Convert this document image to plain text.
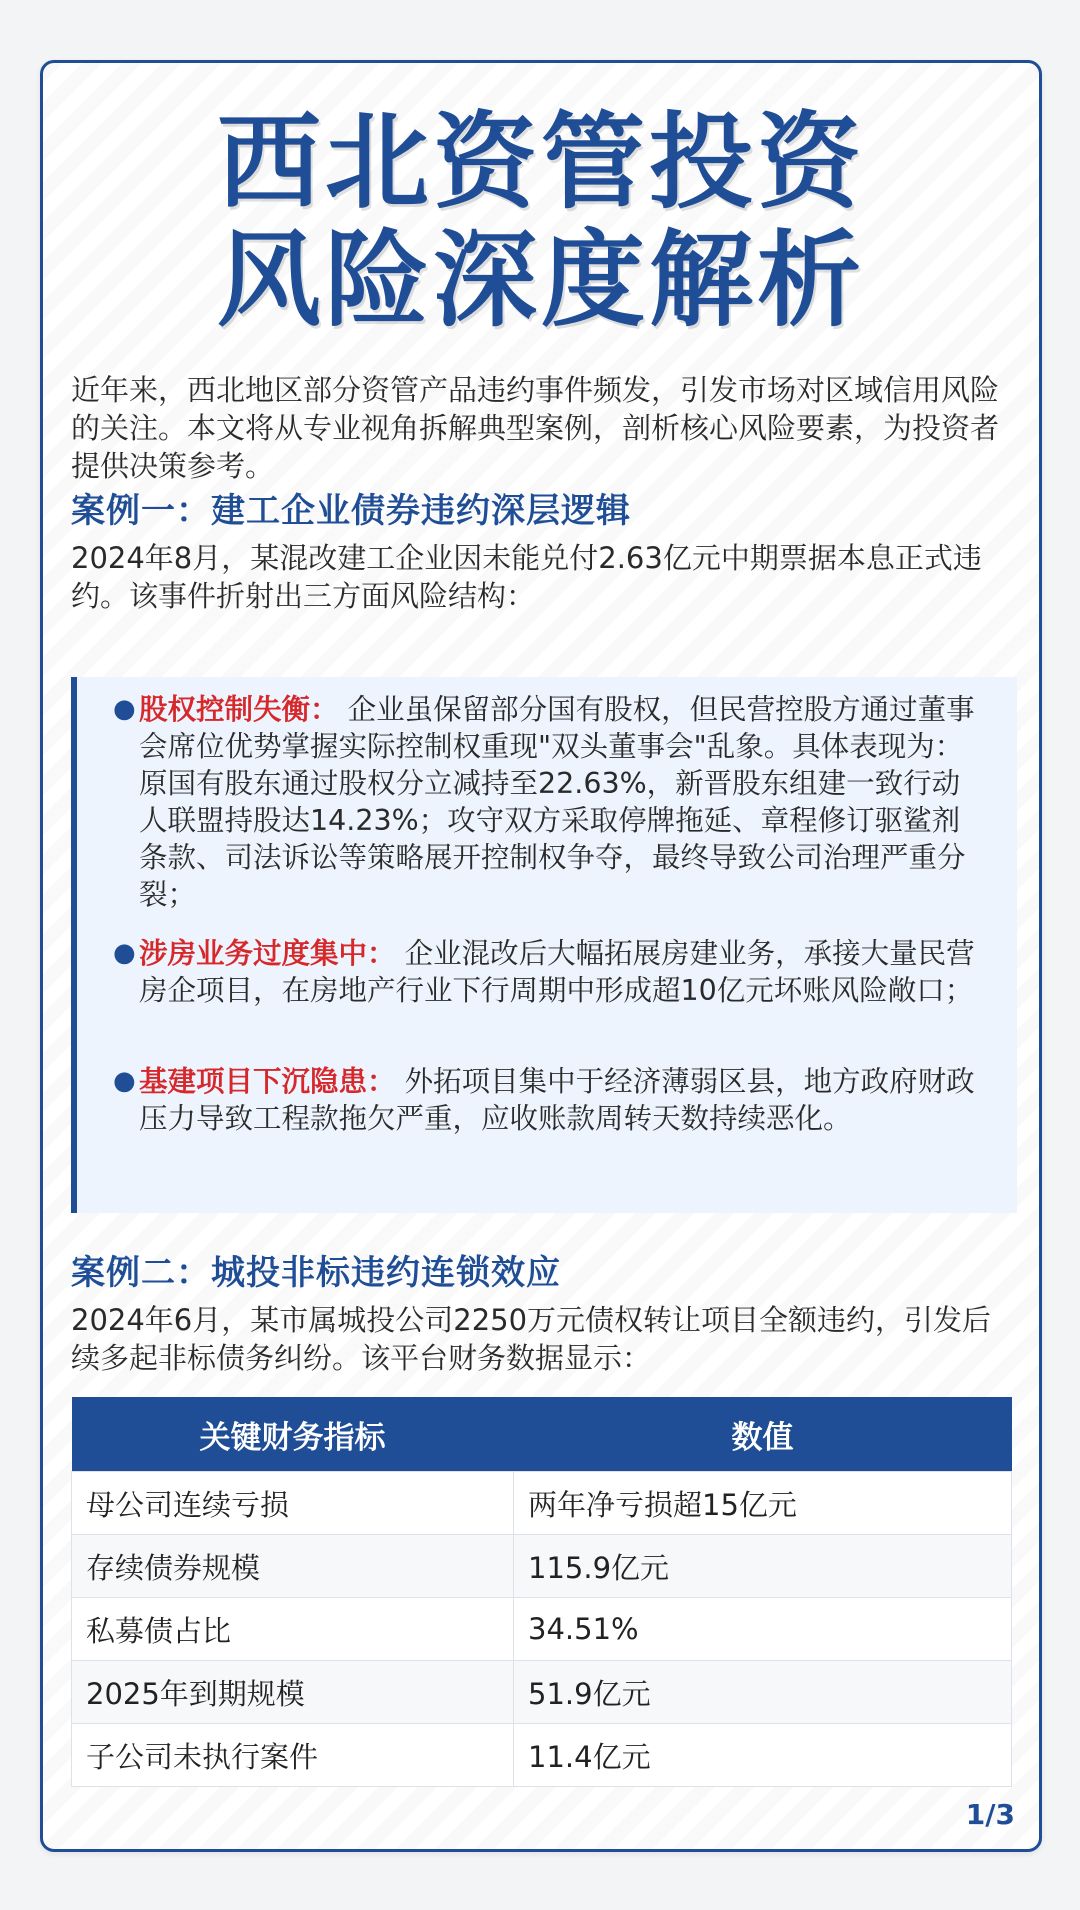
西北资管投资
风险深度解析
近年来，西北地区部分资管产品违约事件频发，引发市场对区域信用风险的关注。本文将从专业视角拆解典型案例，剖析核心风险要素，为投资者提供决策参考。
案例一：建工企业债券违约深层逻辑
2024年8月，某混改建工企业因未能兑付2.63亿元中期票据本息正式违约。该事件折射出三方面风险结构：
● 股权控制失衡： 企业虽保留部分国有股权，但民营控股方通过董事会席位优势掌握实际控制权重现"双头董事会"乱象。具体表现为：原国有股东通过股权分立减持至22.63%，新晋股东组建一致行动人联盟持股达14.23%；攻守双方采取停牌拖延、章程修订驱鲨剂条款、司法诉讼等策略展开控制权争夺，最终导致公司治理严重分裂；
● 涉房业务过度集中： 企业混改后大幅拓展房建业务，承接大量民营房企项目，在房地产行业下行周期中形成超10亿元坏账风险敞口；
● 基建项目下沉隐患： 外拓项目集中于经济薄弱区县，地方政府财政压力导致工程款拖欠严重，应收账款周转天数持续恶化。
案例二：城投非标违约连锁效应
2024年6月，某市属城投公司2250万元债权转让项目全额违约，引发后续多起非标债务纠纷。该平台财务数据显示：
关键财务指标	数值
母公司连续亏损	两年净亏损超15亿元
存续债券规模	115.9亿元
私募债占比	34.51%
2025年到期规模	51.9亿元
子公司未执行案件	11.4亿元
1/3
